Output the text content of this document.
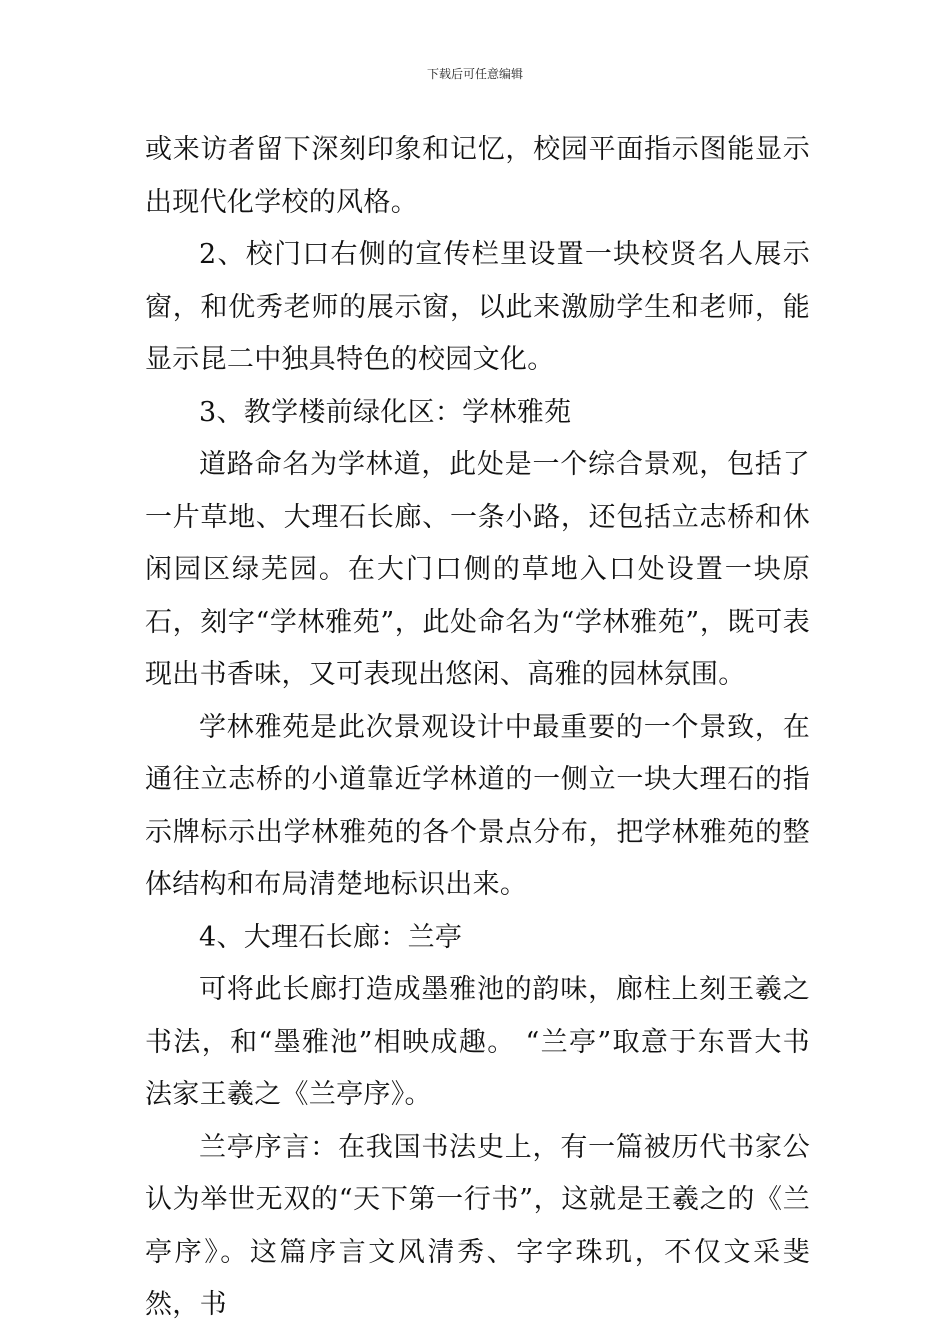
下载后可任意编辑

或来访者留下深刻印象和记忆，校园平面指示图能显示出现代化学校的风格。

2、校门口右侧的宣传栏里设置一块校贤名人展示窗，和优秀老师的展示窗，以此来激励学生和老师，能显示昆二中独具特色的校园文化。

3、教学楼前绿化区：学林雅苑

道路命名为学林道，此处是一个综合景观，包括了一片草地、大理石长廊、一条小路，还包括立志桥和休闲园区绿芜园。在大门口侧的草地入口处设置一块原石，刻字“学林雅苑”，此处命名为“学林雅苑”，既可表现出书香味，又可表现出悠闲、高雅的园林氛围。

学林雅苑是此次景观设计中最重要的一个景致，在通往立志桥的小道靠近学林道的一侧立一块大理石的指示牌标示出学林雅苑的各个景点分布，把学林雅苑的整体结构和布局清楚地标识出来。

4、大理石长廊：兰亭

可将此长廊打造成墨雅池的韵味，廊柱上刻王羲之书法，和“墨雅池”相映成趣。 “兰亭”取意于东晋大书法家王羲之《兰亭序》。

兰亭序言：在我国书法史上，有一篇被历代书家公认为举世无双的“天下第一行书”，这就是王羲之的《兰亭序》。这篇序言文风清秀、字字珠玑，不仅文采斐然，书
